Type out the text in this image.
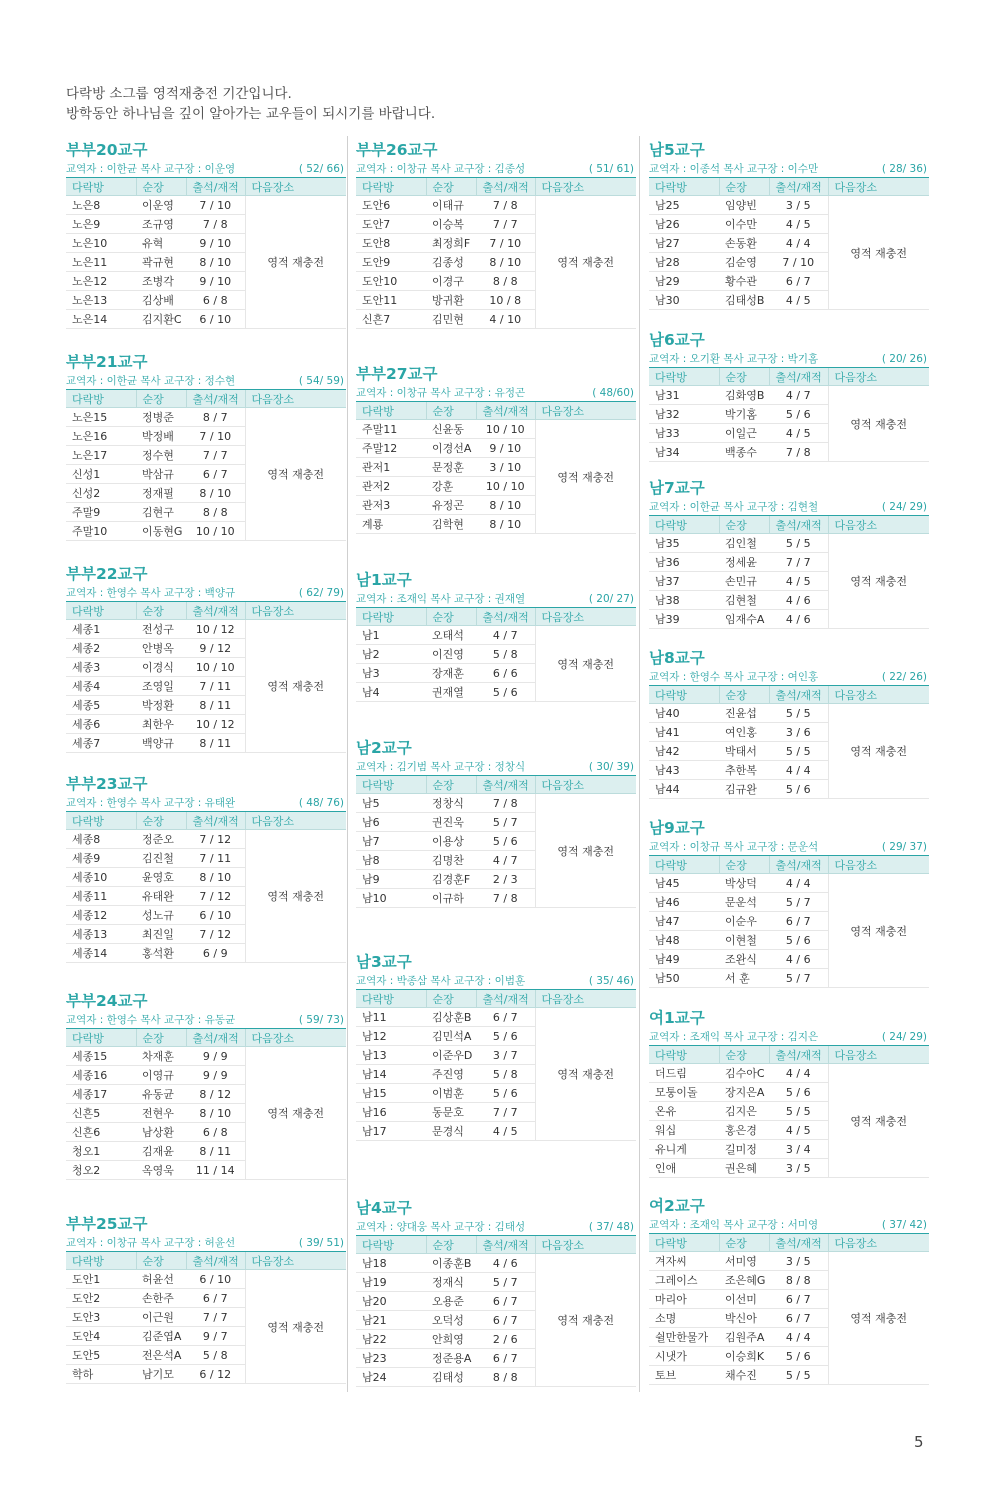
다락방 소그룹 영적재충전 기간입니다.
방학동안 하나님을 깊이 알아가는 교우들이 되시기를 바랍니다.
부부20교구
교역자 : 이한균 목사 교구장 : 이운영	( 52/ 66)
다락방	순장	출석/재적	다음장소
노은8	이운영	7 / 10	영적 재충전
노은9	조규영	7 / 8	
노은10	유혁	9 / 10	
노은11	곽규현	8 / 10	
노은12	조병각	9 / 10	
노은13	김상배	6 / 8	
노은14	김지환C	6 / 10	
부부21교구
교역자 : 이한균 목사 교구장 : 정수현	( 54/ 59)
다락방	순장	출석/재적	다음장소
노은15	정병준	8 / 7	영적 재충전
노은16	박정배	7 / 10	
노은17	정수현	7 / 7	
신성1	박삼규	6 / 7	
신성2	정재필	8 / 10	
주말9	김현구	8 / 8	
주말10	이동현G	10 / 10	
부부22교구
교역자 : 한영수 목사 교구장 : 백양규	( 62/ 79)
다락방	순장	출석/재적	다음장소
세종1	전성구	10 / 12	영적 재충전
세종2	안병옥	9 / 12	
세종3	이경식	10 / 10	
세종4	조영일	7 / 11	
세종5	박정환	8 / 11	
세종6	최한우	10 / 12	
세종7	백양규	8 / 11	
부부23교구
교역자 : 한영수 목사 교구장 : 유태완	( 48/ 76)
다락방	순장	출석/재적	다음장소
세종8	정준오	7 / 12	영적 재충전
세종9	김진철	7 / 11	
세종10	윤영호	8 / 10	
세종11	유태완	7 / 12	
세종12	성노규	6 / 10	
세종13	최진일	7 / 12	
세종14	홍석환	6 / 9	
부부24교구
교역자 : 한영수 목사 교구장 : 유동균	( 59/ 73)
다락방	순장	출석/재적	다음장소
세종15	차재훈	9 / 9	영적 재충전
세종16	이영규	9 / 9	
세종17	유동균	8 / 12	
신흔5	전현우	8 / 10	
신흔6	남상환	6 / 8	
청오1	김재윤	8 / 11	
청오2	옥영욱	11 / 14	
부부25교구
교역자 : 이창규 목사 교구장 : 허윤선	( 39/ 51)
다락방	순장	출석/재적	다음장소
도안1	허윤선	6 / 10	영적 재충전
도안2	손한주	6 / 7	
도안3	이근원	7 / 7	
도안4	김준엽A	9 / 7	
도안5	전은석A	5 / 8	
학하	남기모	6 / 12	
부부26교구
교역자 : 이창규 목사 교구장 : 김종성	( 51/ 61)
다락방	순장	출석/재적	다음장소
도안6	이태규	7 / 8	영적 재충전
도안7	이승복	7 / 7	
도안8	최정희F	7 / 10	
도안9	김종성	8 / 10	
도안10	이경구	8 / 8	
도안11	방귀환	10 / 8	
신흔7	김민현	4 / 10	
부부27교구
교역자 : 이창규 목사 교구장 : 유정곤	( 48/60)
다락방	순장	출석/재적	다음장소
주말11	신윤동	10 / 10	영적 재충전
주말12	이경선A	9 / 10	
관저1	문정훈	3 / 10	
관저2	강훈	10 / 10	
관저3	유정곤	8 / 10	
계룡	김학현	8 / 10	
남1교구
교역자 : 조재익 목사 교구장 : 권재열	( 20/ 27)
다락방	순장	출석/재적	다음장소
남1	오태석	4 / 7	영적 재충전
남2	이진영	5 / 8	
남3	장재훈	6 / 6	
남4	권재열	5 / 6	
남2교구
교역자 : 김기범 목사 교구장 : 정창식	( 30/ 39)
다락방	순장	출석/재적	다음장소
남5	정창식	7 / 8	영적 재충전
남6	권진욱	5 / 7	
남7	이용상	5 / 6	
남8	김명찬	4 / 7	
남9	김경훈F	2 / 3	
남10	이규하	7 / 8	
남3교구
교역자 : 박종삼 목사 교구장 : 이범훈	( 35/ 46)
다락방	순장	출석/재적	다음장소
남11	김상훈B	6 / 7	영적 재충전
남12	김민석A	5 / 6	
남13	이준우D	3 / 7	
남14	주진영	5 / 8	
남15	이범훈	5 / 6	
남16	동문호	7 / 7	
남17	문경식	4 / 5	
남4교구
교역자 : 양대웅 목사 교구장 : 김태성	( 37/ 48)
다락방	순장	출석/재적	다음장소
남18	이종훈B	4 / 6	영적 재충전
남19	정재식	5 / 7	
남20	오용준	6 / 7	
남21	오덕성	6 / 7	
남22	안희영	2 / 6	
남23	정준용A	6 / 7	
남24	김태성	8 / 8	
남5교구
교역자 : 이종석 목사 교구장 : 이수만	( 28/ 36)
다락방	순장	출석/재적	다음장소
남25	임양빈	3 / 5	영적 재충전
남26	이수만	4 / 5	
남27	손동환	4 / 4	
남28	김순영	7 / 10	
남29	황수관	6 / 7	
남30	김태성B	4 / 5	
남6교구
교역자 : 오기환 목사 교구장 : 박기홈	( 20/ 26)
다락방	순장	출석/재적	다음장소
남31	김화영B	4 / 7	영적 재충전
남32	박기홈	5 / 6	
남33	이일근	4 / 5	
남34	백종수	7 / 8	
남7교구
교역자 : 이한균 목사 교구장 : 김현철	( 24/ 29)
다락방	순장	출석/재적	다음장소
남35	김인철	5 / 5	영적 재충전
남36	정세윤	7 / 7	
남37	손민규	4 / 5	
남38	김현철	4 / 6	
남39	임재수A	4 / 6	
남8교구
교역자 : 한영수 목사 교구장 : 여인홍	( 22/ 26)
다락방	순장	출석/재적	다음장소
남40	진윤섭	5 / 5	영적 재충전
남41	여인홍	3 / 6	
남42	박태서	5 / 5	
남43	추한복	4 / 4	
남44	김규완	5 / 6	
남9교구
교역자 : 이창규 목사 교구장 : 문운석	( 29/ 37)
다락방	순장	출석/재적	다음장소
남45	박상덕	4 / 4	영적 재충전
남46	문운석	5 / 7	
남47	이순우	6 / 7	
남48	이현철	5 / 6	
남49	조완식	4 / 6	
남50	서 훈	5 / 7	
여1교구
교역자 : 조재익 목사 교구장 : 김지은	( 24/ 29)
다락방	순장	출석/재적	다음장소
더드림	김수아C	4 / 4	영적 재충전
모퉁이돌	장지은A	5 / 6	
온유	김지은	5 / 5	
워십	홍은경	4 / 5	
유니게	길미정	3 / 4	
인애	권은혜	3 / 5	
여2교구
교역자 : 조재익 목사 교구장 : 서미영	( 37/ 42)
다락방	순장	출석/재적	다음장소
겨자씨	서미영	3 / 5	영적 재충전
그레이스	조은혜G	8 / 8	
마리아	이선미	6 / 7	
소명	박신아	6 / 7	
쉴만한물가	김원주A	4 / 4	
시냇가	이승희K	5 / 6	
토브	채수진	5 / 5	
5
